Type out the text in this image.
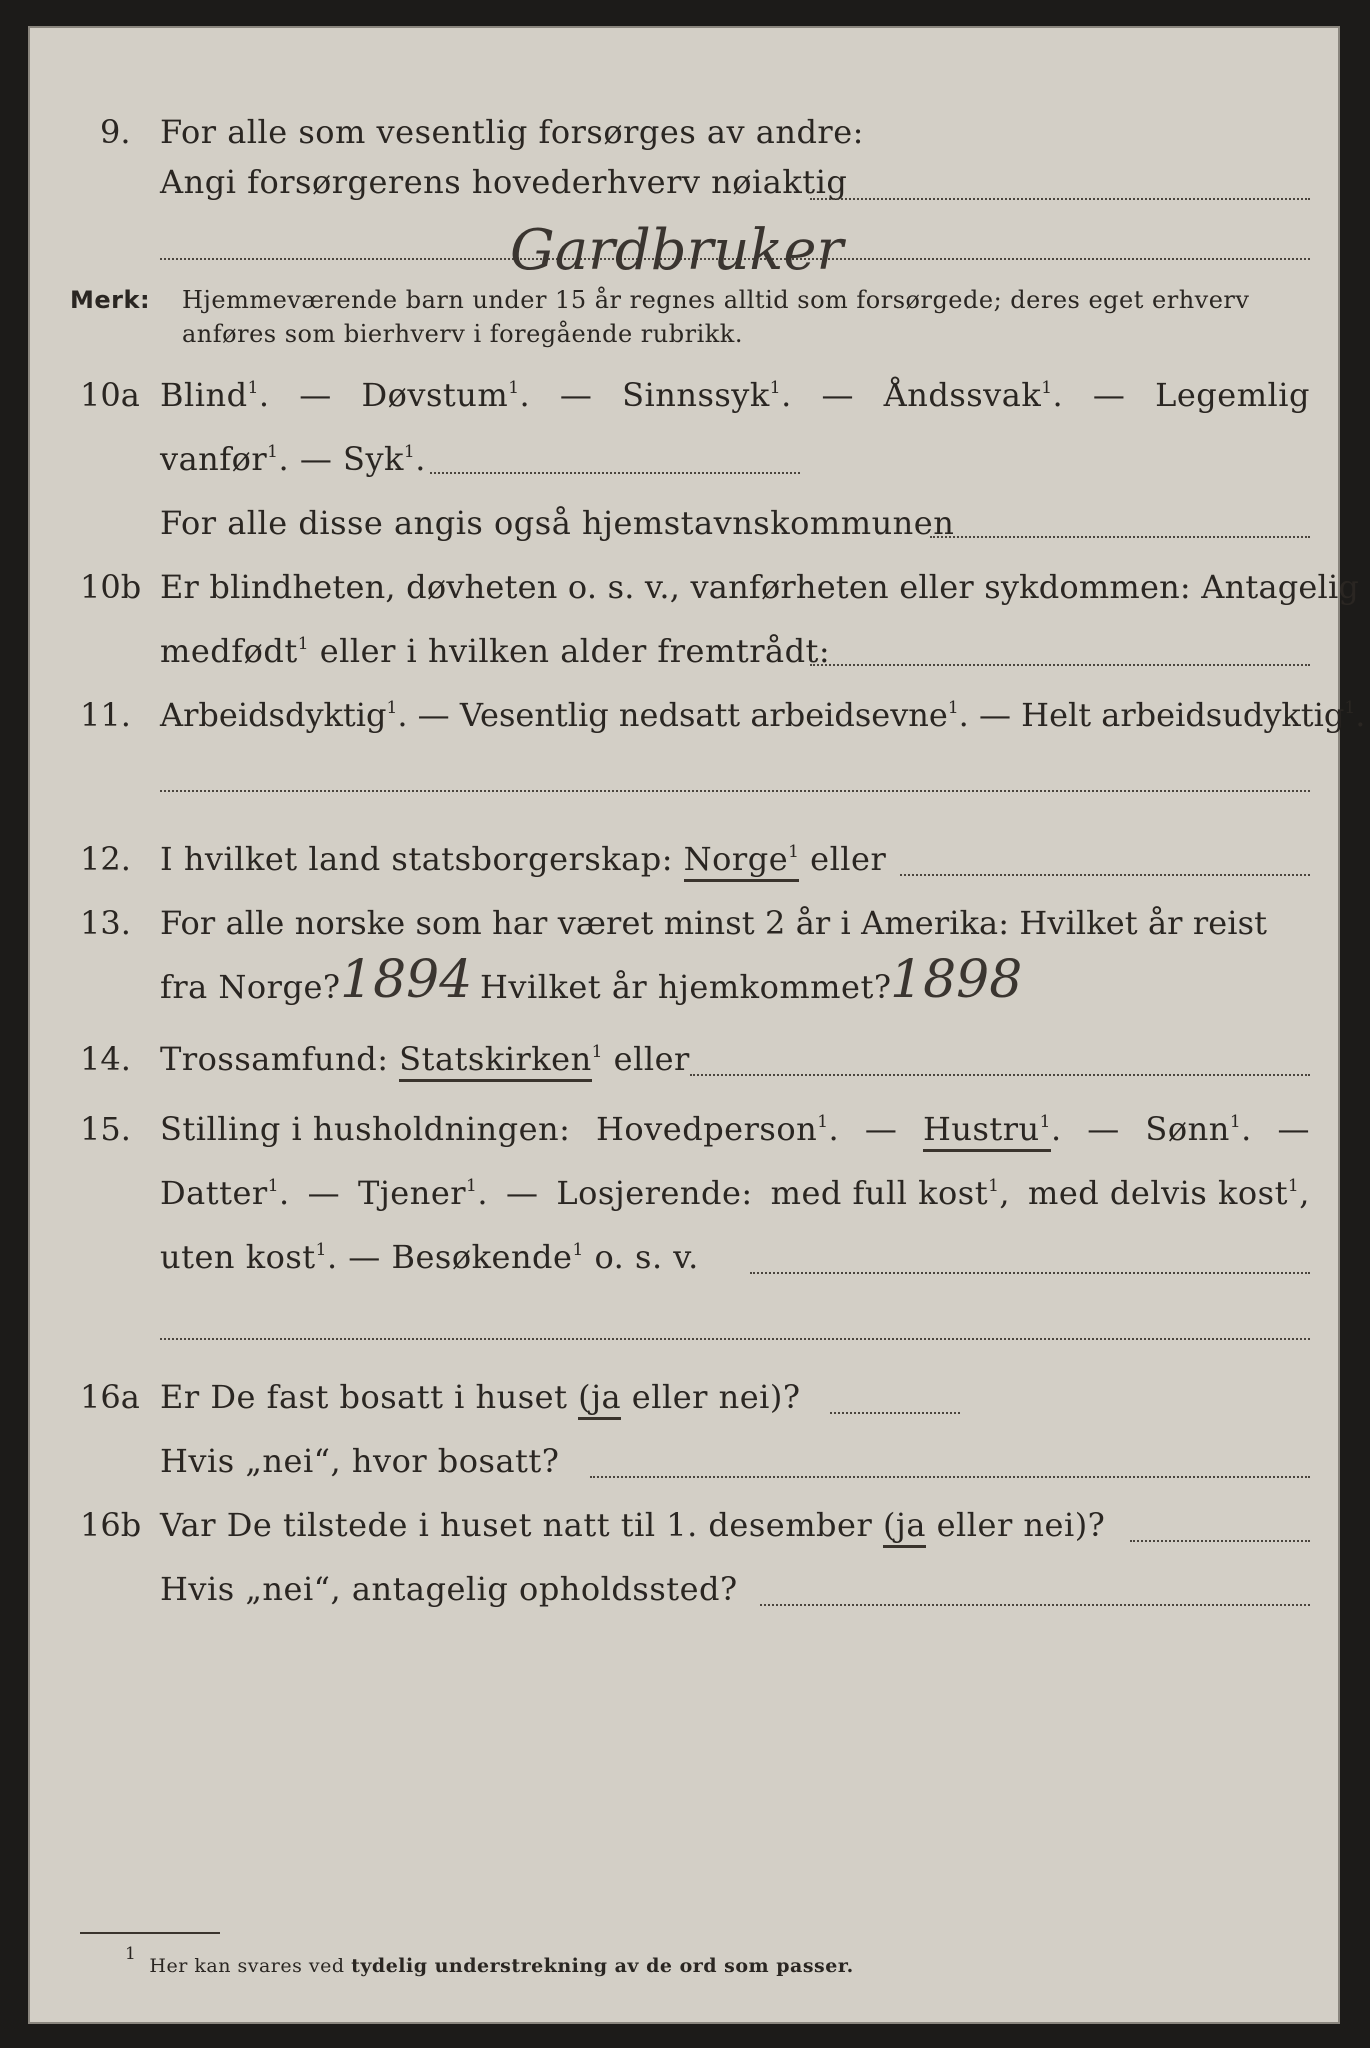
9. For alle som vesentlig forsørges av andre:
Angi forsørgerens hovederhverv nøiaktig
Gardbruker
Merk: Hjemmeværende barn under 15 år regnes alltid som forsørgede; deres eget erhverv
anføres som bierhverv i foregående rubrikk.
10a Blind$^1$. — Døvstum$^1$. — Sinnssyk$^1$. — Åndssvak$^1$. — Legemlig
vanfør$^1$. — Syk$^1$.
For alle disse angis også hjemstavnskommunen
10b Er blindheten, døvheten o. s. v., vanførheten eller sykdommen: Antagelig
medfødt$^1$ eller i hvilken alder fremtrådt:
11. Arbeidsdyktig$^1$. — Vesentlig nedsatt arbeidsevne$^1$. — Helt arbeidsudyktig$^1$.
12. I hvilket land statsborgerskap: Norge$^1$ eller
13. For alle norske som har været minst 2 år i Amerika: Hvilket år reist
fra Norge? 1894 Hvilket år hjemkommet?
1898
14. Trossamfund: Statskirken$^1$ eller
15. Stilling i husholdningen: Hovedperson$^1$. — Hustru$^1$. — Sønn$^1$. —
Datter$^1$. — Tjener$^1$. — Losjerende: med full kost$^1$, med delvis kost$^1$,
uten kost$^1$. — Besøkende$^1$ o. s. v.
16a Er De fast bosatt i huset (ja eller nei)?
Hvis „nei“, hvor bosatt?
16b Var De tilstede i huset natt til 1. desember (ja eller nei)?
Hvis „nei“, antagelig opholdssted?
1  Her kan svares ved tydelig understrekning av de ord som passer.
